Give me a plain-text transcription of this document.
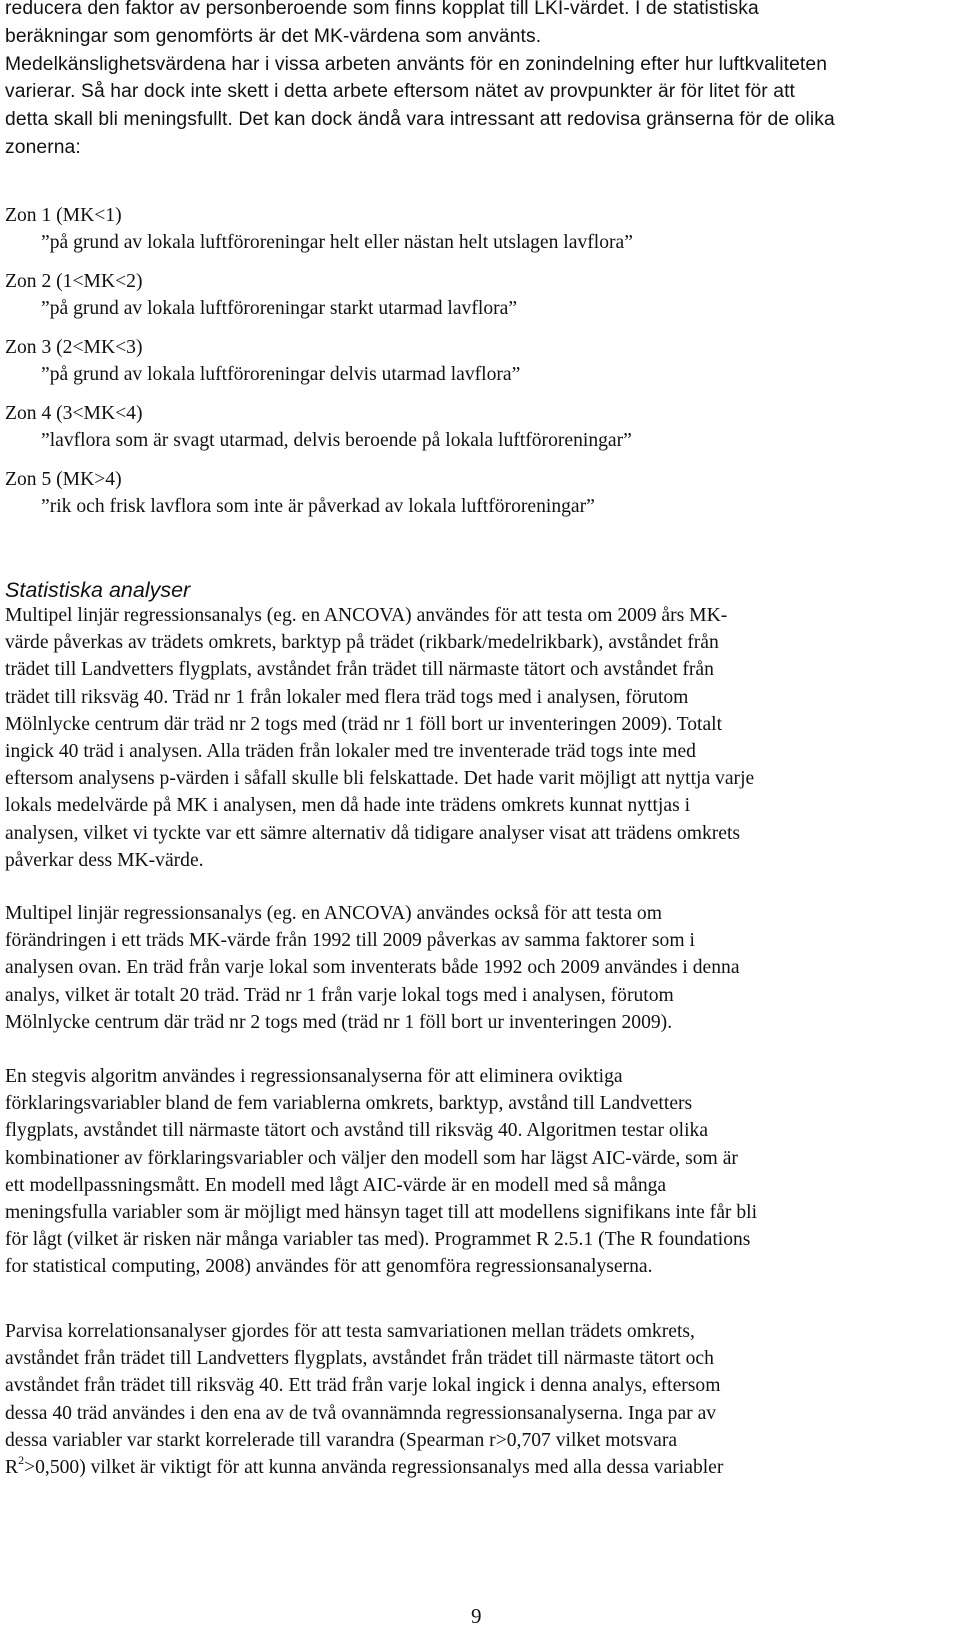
reducera den faktor av personberoende som finns kopplat till LKI-värdet. I de statistiska
beräkningar som genomförts är det MK-värdena som använts.
Medelkänslighetsvärdena har i vissa arbeten använts för en zonindelning efter hur luftkvaliteten
varierar. Så har dock inte skett i detta arbete eftersom nätet av provpunkter är för litet för att
detta skall bli meningsfullt. Det kan dock ändå vara intressant att redovisa gränserna för de olika
zonerna:
Zon 1 (MK<1)
”på grund av lokala luftföroreningar helt eller nästan helt utslagen lavflora”
Zon 2 (1<MK<2)
”på grund av lokala luftföroreningar starkt utarmad lavflora”
Zon 3 (2<MK<3)
”på grund av lokala luftföroreningar delvis utarmad lavflora”
Zon 4 (3<MK<4)
”lavflora som är svagt utarmad, delvis beroende på lokala luftföroreningar”
Zon 5 (MK>4)
”rik och frisk lavflora som inte är påverkad av lokala luftföroreningar”
Statistiska analyser
Multipel linjär regressionsanalys (eg. en ANCOVA) användes för att testa om 2009 års MK-
värde påverkas av trädets omkrets, barktyp på trädet (rikbark/medelrikbark), avståndet från
trädet till Landvetters flygplats, avståndet från trädet till närmaste tätort och avståndet från
trädet till riksväg 40. Träd nr 1 från lokaler med flera träd togs med i analysen, förutom
Mölnlycke centrum där träd nr 2 togs med (träd nr 1 föll bort ur inventeringen 2009). Totalt
ingick 40 träd i analysen. Alla träden från lokaler med tre inventerade träd togs inte med
eftersom analysens p-värden i såfall skulle bli felskattade. Det hade varit möjligt att nyttja varje
lokals medelvärde på MK i analysen, men då hade inte trädens omkrets kunnat nyttjas i
analysen, vilket vi tyckte var ett sämre alternativ då tidigare analyser visat att trädens omkrets
påverkar dess MK-värde.
Multipel linjär regressionsanalys (eg. en ANCOVA) användes också för att testa om
förändringen i ett träds MK-värde från 1992 till 2009 påverkas av samma faktorer som i
analysen ovan. En träd från varje lokal som inventerats både 1992 och 2009 användes i denna
analys, vilket är totalt 20 träd. Träd nr 1 från varje lokal togs med i analysen, förutom
Mölnlycke centrum där träd nr 2 togs med (träd nr 1 föll bort ur inventeringen 2009).
En stegvis algoritm användes i regressionsanalyserna för att eliminera oviktiga
förklaringsvariabler bland de fem variablerna omkrets, barktyp, avstånd till Landvetters
flygplats, avståndet till närmaste tätort och avstånd till riksväg 40. Algoritmen testar olika
kombinationer av förklaringsvariabler och väljer den modell som har lägst AIC-värde, som är
ett modellpassningsmått. En modell med lågt AIC-värde är en modell med så många
meningsfulla variabler som är möjligt med hänsyn taget till att modellens signifikans inte får bli
för lågt (vilket är risken när många variabler tas med). Programmet R 2.5.1 (The R foundations
for statistical computing, 2008) användes för att genomföra regressionsanalyserna.
Parvisa korrelationsanalyser gjordes för att testa samvariationen mellan trädets omkrets,
avståndet från trädet till Landvetters flygplats, avståndet från trädet till närmaste tätort och
avståndet från trädet till riksväg 40. Ett träd från varje lokal ingick i denna analys, eftersom
dessa 40 träd användes i den ena av de två ovannämnda regressionsanalyserna. Inga par av
dessa variabler var starkt korrelerade till varandra (Spearman r>0,707 vilket motsvara
$R^2>0,500$) vilket är viktigt för att kunna använda regressionsanalys med alla dessa variabler
9
